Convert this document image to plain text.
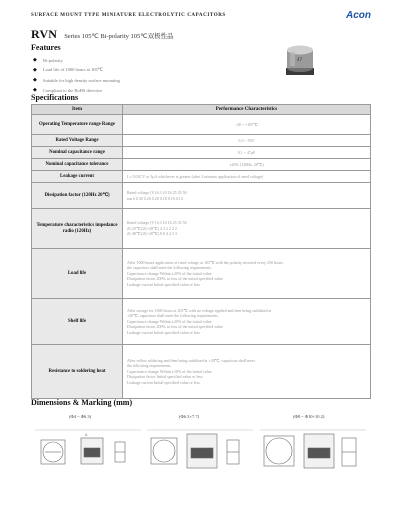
SURFACE MOUNT TYPE MINIATURE ELECTROLYTIC CAPACITORS	Acon
RVN Series 105℃ Bi-polarity 105℃双极性品
Features
◆	Bi-polarity
◆	Load life of 1000 hours at 105℃
◆	Suitable for high density surface mounting
◆	Compliant to the RoHS directive
47
Specifications
Item	Performance Characteristics
Operating Temperature range Range	-40 ~ +105℃

Rated Voltage Range	6.3 ~ 50V

Nominal capacitance range	0.1 ~ 47μF

Nominal capacitance tolerance	±20% (120Hz, 20℃)

Leakage current	I ≤ 0.03CV or 3μA whichever is greater (after 2 minutes application of rated voltage)

Dissipation factor (120Hz 20℃)	Rated voltage (V) 6.3 10 16 25 35 50
tan δ 0.30 0.26 0.20 0.18 0.16 0.14

Temperature characteristics impedance radio (120Hz)	Rated voltage (V) 6.3 10 16 25 35 50
Z(-25℃)/Z(+20℃) 4 3 2 2 2 2
Z(-40℃)/Z(+20℃) 8 6 4 4 3 3

Load life	After 1000 hours application of rated voltage at 105℃ with the polarity inverted every 250 hours,
the capacitors shall meet the following requirements.
Capacitance change Within ±20% of the initial value
Dissipation factor 200% or less of the initial specified value
Leakage current Initial specified value or less

Shelf life	After storage for 1000 hours at 105℃ with no voltage applied and then being stabilized at
+20℃, capacitors shall meet the following requirements.
Capacitance change Within ±20% of the initial value
Dissipation factor 200% or less of the initial specified value
Leakage current Initial specified value or less

Resistance to soldering heat	After reflow soldering and then being stabilized at +20℃, capacitors shall meet
the following requirements.
Capacitance change Within ±10% of the initial value
Dissipation factor Initial specified value or less
Leakage current Initial specified value or less
Dimensions & Marking (mm)
(Φ4 ~ Φ6.3)	(Φ6.3×7.7)	(Φ8 ~ Φ10×10.2)
A
